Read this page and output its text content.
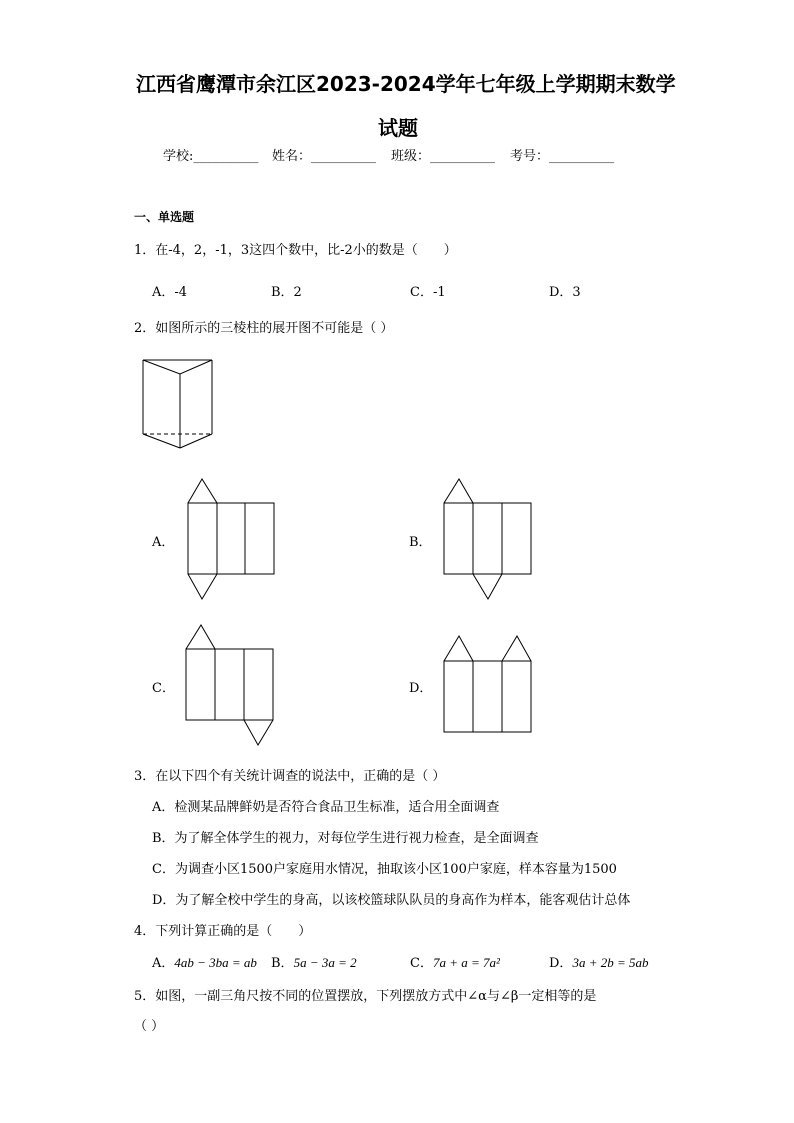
江西省鹰潭市余江区2023-2024学年七年级上学期期末数学
试题
学校:__________ 姓名：__________ 班级：__________ 考号：__________
一、单选题
1．在-4，2，-1，3这四个数中，比-2小的数是（　　）
A．-4	B．2	C．-1	D．3
2．如图所示的三棱柱的展开图不可能是（ ）
A．	B．
C．	D．
3．在以下四个有关统计调查的说法中，正确的是（ ）
A．检测某品牌鲜奶是否符合食品卫生标准，适合用全面调查
B．为了解全体学生的视力，对每位学生进行视力检查，是全面调查
C．为调查小区1500户家庭用水情况，抽取该小区100户家庭，样本容量为1500
D．为了解全校中学生的身高，以该校篮球队队员的身高作为样本，能客观估计总体
4．下列计算正确的是（　　）
A．4ab − 3ba = ab B．5a − 3a = 2	C．7a + a = 7a²	D．3a + 2b = 5ab
5．如图，一副三角尺按不同的位置摆放，下列摆放方式中∠α与∠β一定相等的是
（ ）
